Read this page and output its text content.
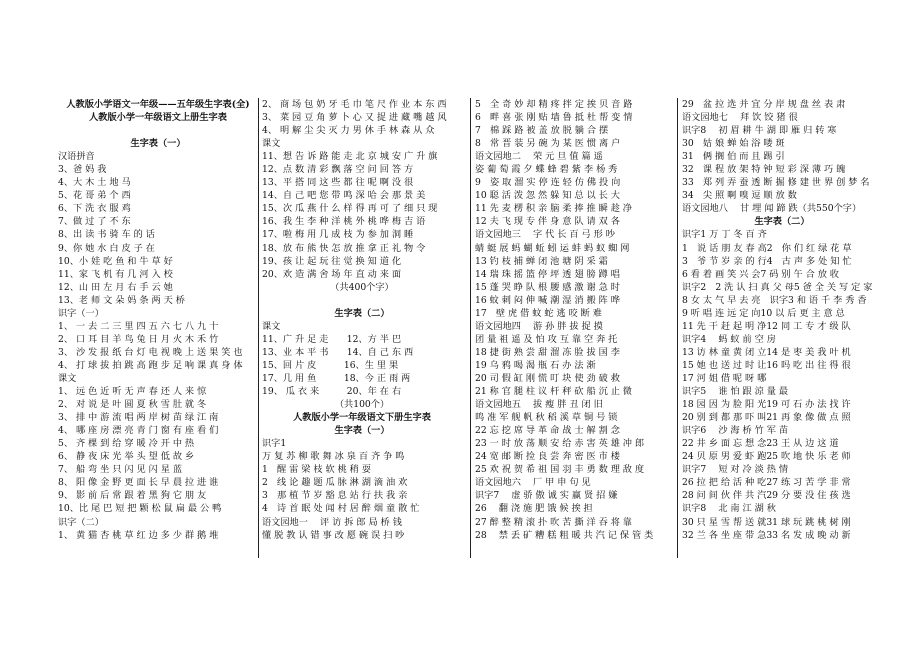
人教版小学语文一年级——五年级生字表(全)
人教版小学一年级语文上册生字表
生字表（一）
汉语拼音
3、爸 妈 我
4、大 木 土 地 马
5、花 哥 弟 个 西
6、下 洗 衣 服 鸡
7、做 过 了 不 东
8、出 读 书 骑 车 的 话
9、你 她 水 白 皮 子 在
10、小 娃 吃 鱼 和 牛 草 好
11、家 飞 机 有 几 河 入 校
12、山 田 左 月 右 手 云 她
13、老 师 文 朵 妈 条 两 天 桥
识字（一）
1、 一 去 二 三 里 四 五 六 七 八 九 十
2、 口 耳 目 羊 鸟 兔 日 月 火 木 禾 竹
3、 沙 发 报 纸 台 灯 电 视 晚 上 送 果 笑 也
4、 打 球 拔 拍 跳 高 跑 步 足 响 课 真 身 体
课文
1、 远 色 近 听 无 声 春 还 人 来 惊
2、 对 说 是 叶 圆 夏 秋 雪 肚 就 冬
3、 排 中 游 流 唱 两 岸 树 苗 绿 江 南
4、 哪 座 房 漂 亮 青 门 窗 有 座 看 们
5、 齐 棵 到 给 穿 暖 冷 开 中 热
6、 静 夜 床 光 举 头 望 低 故 乡
7、 船 弯 坐 只 闪 见 闪 星 蓝
8、 阳 像 金 野 更 面 长 早 晨 拉 进 谁
9、 影 前 后 常 跟 着 黑 狗 它 朋 友
10、比 尾 巴 短 把 颗 松 鼠 扁 最 公 鸭
识字（二）
1、 黄 猫 杏 桃 草 红 边 多 少 群 鹅 堆
2、 商 场 包 奶 牙 毛 巾 笔 尺 作 业 本 东 西
3、 菜 园 豆 角 萝 卜 心 又 捉 进 藏 嘴 越 风
4、 明 解 尘 尖 灭 力 男 休 手 林 森 从 众
课文
11、想 告 诉 路 能 走 北 京 城 安 广 升 旗
12、点 数 清 彩 飘 落 空 问 回 答 方
13、平 搭 同 这 些 都 往 呢 啊 没 很
14、自 己 吧 您 带 鸣 深 哈 会 那 景 美
15、次 瓜 燕 什 么 样 得 再 可 了 细 只 现
16、我 生 李 种 洋 桃 外 桃 哗 梅 吉 语
17、啦 梅 用 几 成 枝 为 参 加 洞 睡
18、放 布 熊 快 怎 放 推 拿 正 礼 物 令
19、孩 让 起 玩 往 觉 换 知 道 化
20、欢 造 满 舍 场 年 直 动 来 面
（共400个字）
生字表（二）
课文
11、广 升 足 走　　12、方 半 巴
13、业 本 平 书　　14、自 己 东 西
15、回 片 皮　　　16、生 里 果
17、几 用 鱼　　　18、今 正 雨 两
19、 瓜 衣 来　　　20、年 在 右
（共100个）
人教版小学一年级语文下册生字表
生字表（一）
识字1
万 复 苏 柳 歌 舞 冰 泉 百 齐 争 鸣
1　醒 雷 梁 枝 软 桃 稍 耍
2　线 论 趣 题 瓜 脉 淋 湖 滴 油 欢
3　那 植 节 岁 豁 息 站 行 扶 我 亲
4　诗 首 眠 处 闻 村 居 醉 烟 童 散 忙
语文园地一　 评 访 拆 郎 局 桥 钱
懂 脱 教 认 错 事 改 愿 碗 误 扫 吵
5　全 奇 妙 却 精 疼 拌 定 挨 贝 音 路
6　畔 喜 张 刚 贴 墙 鲁 抵 杜 帮 变 情
7　棉 踩 路 被 盖 放 脱 躺 合 摆
8　常 晋 装 另 碗 为 某 医 惯 离 户
语文园地二　 荣 元 旦 值 篇 遥
姿 葡 萄 霞 夕 蝶 蜂 碧 紫 李 杨 秀
9　姿 取 溜 实 停 连 轻 仿 佛 投 向
10 聪 活 泼 忽 然 躲 知 总 以 长 大
11 先 麦 楞 积 亲 脑 柔 捧 推 瞬 趁 净
12 夫 飞 现 专 伴 身 意 队 请 双 各
语文园地三　 字 代 长 百 弓 形 吵
蜻 蜓 展 蚂 蝴 蚯 蚓 运 蚌 蚂 蚁 蜘 网
13 钓 枝 捕 蝉 闭 池 塘 阴 采 霜
14 瑞 珠 摇 篮 停 坪 透 翅 膀 蹲 唱
15 蓬 哭 睁 队 根 腰 感 激 谢 急 时
16 蚊 刺 闷 伸 喊 潮 湿 消 搬 阵 哗
17　壁 虎 借 蚊 蛇 逃 咬 断 难
语文园地四　 游 孙 胖 拔 捉 摸
团 量 祖 遥 及 怕 攻 互 靠 空 奔 托
18 捷 街 熟 尝 甜 溜 冻 脸 拔 国 李
19 乌 鸦 喝 渴 瓶 石 办 法 渐
20 司 假 缸 刚 慌 叮 块 使 劲 破 救
21 称 官 腿 柱 议 杆 秤 砍 船 沉 止 微
语文园地五　 拔 瘦 胖 丑 闭 旧
鸣 准 军 舰 帆 秋 稻 溪 草 铜 号 锁
22 忘 挖 席 导 革 命 战 士 解 割 念
23 一 时 放 荡 顺 安 给 赤 害 英 雄 冲 郎
24 宽 邮 断 捡 良 尝 奔 密 医 市 楼
25 欢 祝 贺 希 祖 国 羽 丰 勇 数 理 敌 度
语文园地六　 厂 甲 申 句 见
识字7　 虚 骄 傲 诚 实 赢 贤 招 嫌
26　 翻 浇 施 肥 饿 候 挨 担
27 醉 整 精 滚 扑 吹 苦 撕 洋 吞 将 靠
28　 禁 丢 矿 糟 糕 粗 暖 共 汽 记 保 管 类
29　盆 拉 选 并 宜 分 岸 规 盘 丝 表 肃
语文园地七　 拜 饮 饺 猪 很
识字8　 初 眉 耕 牛 湖 即 雁 归 转 寒
30　姑 娘 蝉 始 浴 喽 斑
31　俩 搁 伯 而 且 踢 引
32　课 程 放 架 特 钟 短 彩 深 薄 巧 魄
33　郑 列 弄 蚕 透 断 掘 修 建 世 界 创 梦 名
34　尖 照 啊 嗅 逗 顺 放 数
语文园地八　 甘 埋 闻 蹄 跌（共550个字）
生字表（二）
识字1 万 丁 冬 百 齐
1　说 话 朋 友 春 高2　你 们 红 绿 花 草
3　爷 节 岁 亲 的 行4　古 声 多 处 知 忙
6 看 着 画 笑 兴 会7 码 别 午 合 放 收
识字2　2 洗 认 扫 真 父 母5 爸 全 关 写 定 家
8 女 太 气 早 去 亮　识字3 和 语 千 李 秀 香
9 听 唱 连 远 定 向10 以 后 更 主 意 总
11 先 干 赶 起 明 净12 同 工 专 才 级 队
识字4　 蚂 蚁 前 空 房
13 访 林 童 黄 闭 立14 是 枣 美 我 叶 机
15 她 也 送 过 时 让16 吗 吃 出 往 得 很
17 河 姐 借 呢 呀 哪
识字5　 谁 怕 跟 涼 量 最
18 园 因 为 脸 阳 光19 可 石 办 法 找 许
20 别 到 都 那 吓 叫21 再 象 像 做 点 照
识字6　 沙 海 桥 竹 军 苗
22 井 乡 面 忘 想 念23 王 从 边 这 道
24 贝 原 男 爱 虾 跑25 吹 地 快 乐 老 师
识字7　 短 对 冷 淡 热 情
26 拉 把 给 活 种 吃27 练 习 苦 学 非 常
28 问 间 伙 伴 共 汽29 分 要 没 住 孩 选
识字8　 北 南 江 湖 秋
30 只 星 雪 帮 送 就31 球 玩 跳 桃 树 刚
32 兰 各 坐 座 带 急33 名 发 成 晚 动 新
